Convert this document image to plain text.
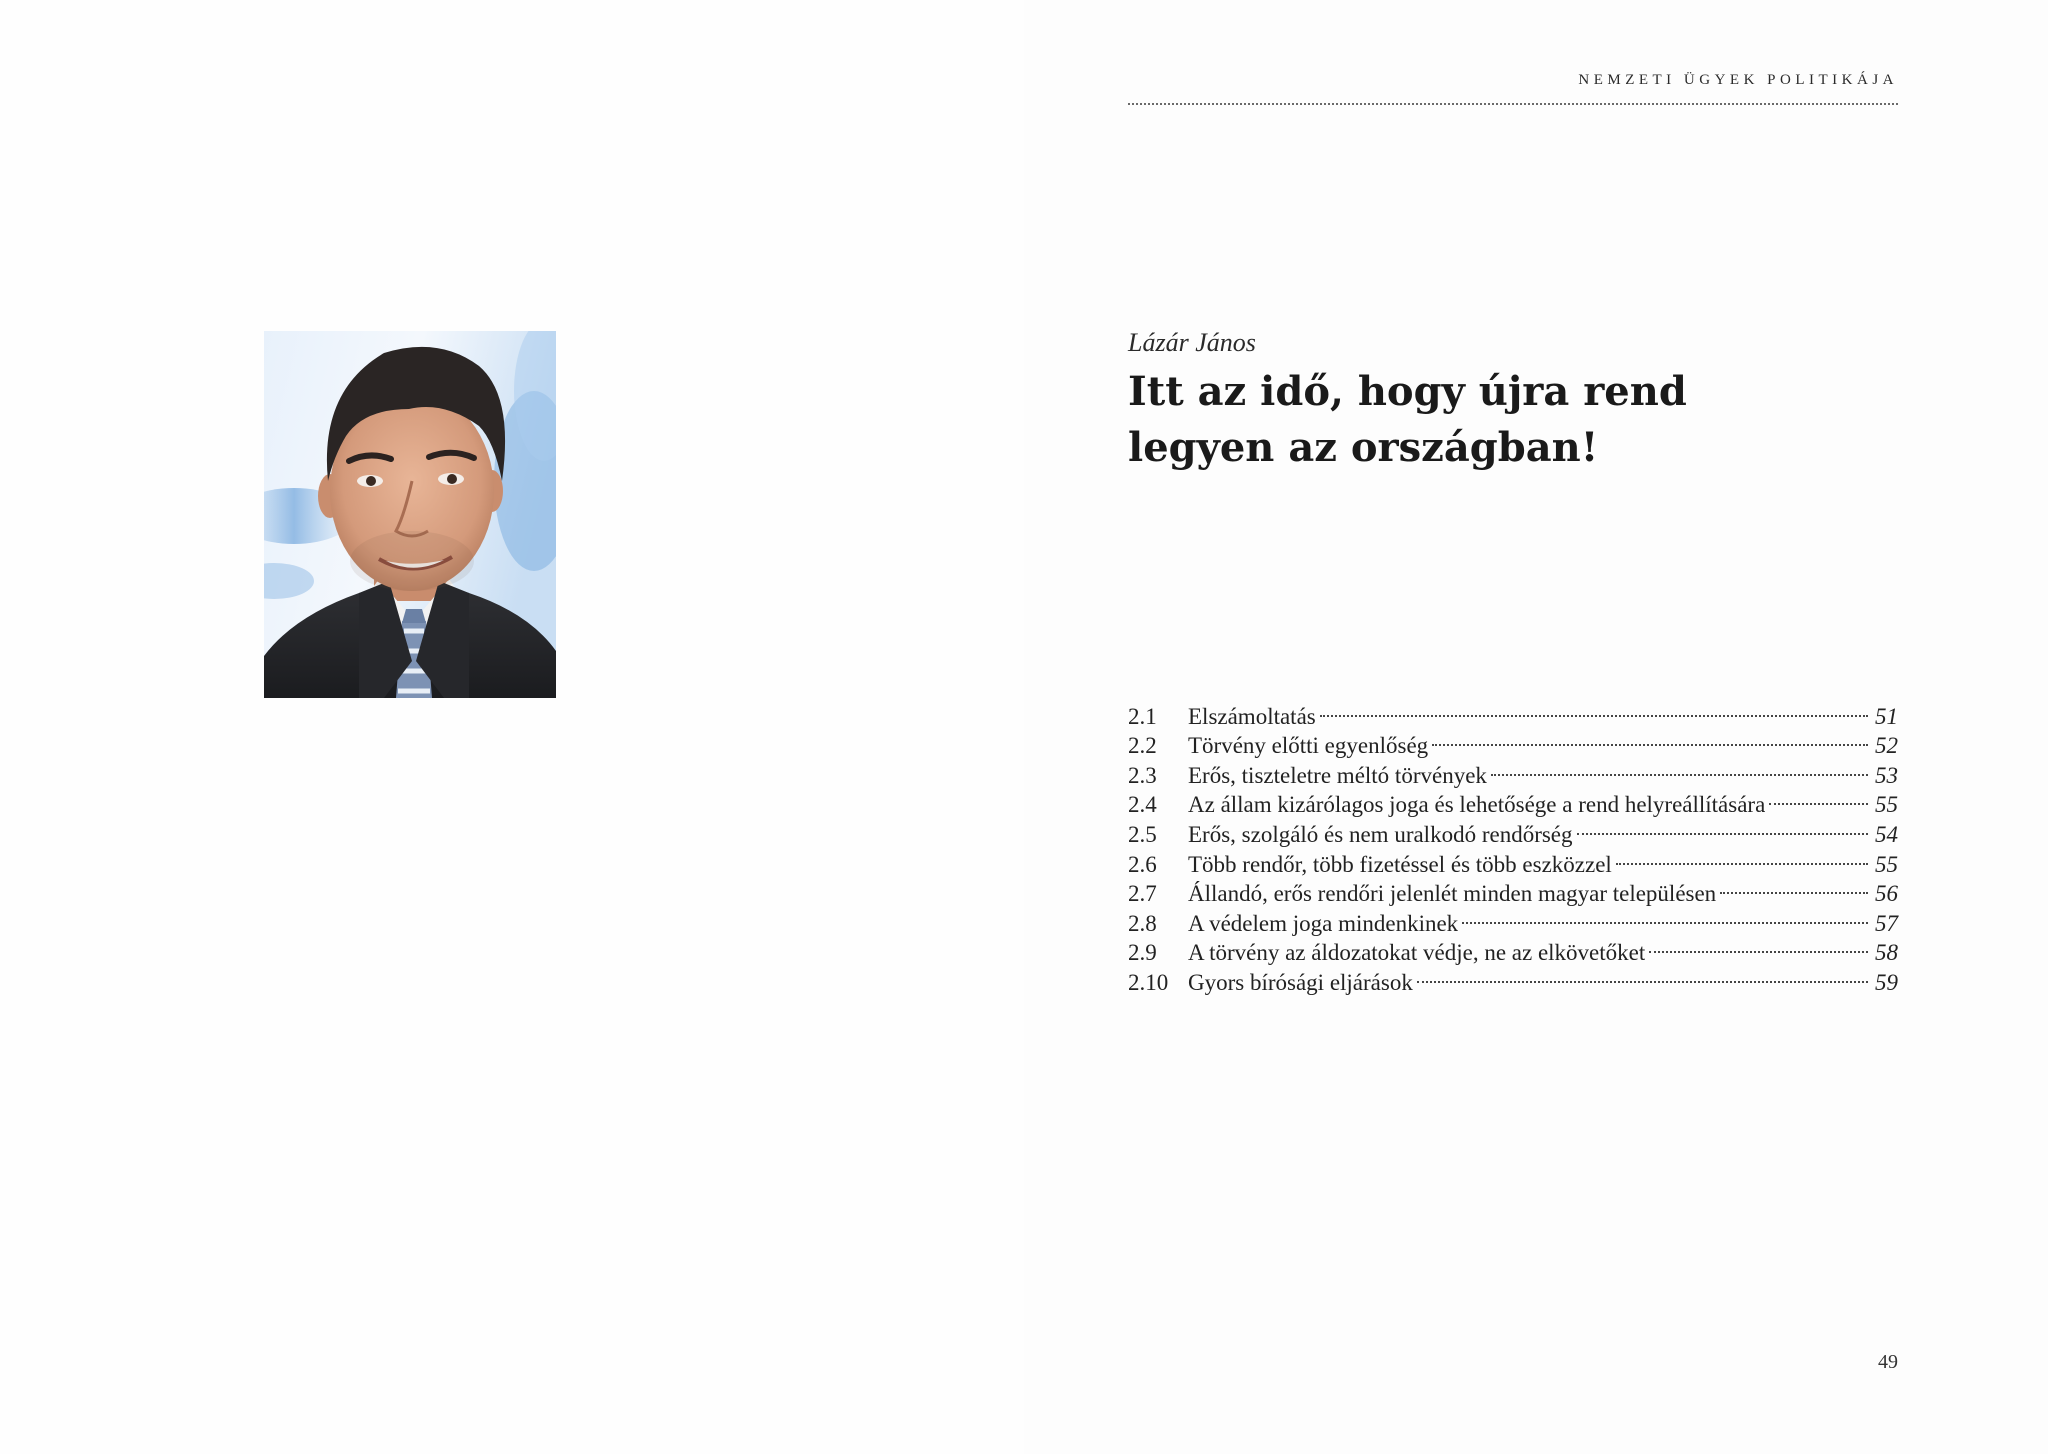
NEMZETI ÜGYEK POLITIKÁJA
Lázár János
Itt az idő, hogy újra rend
legyen az országban!
2.1	Elszámoltatás	51
2.2	Törvény előtti egyenlőség	52
2.3	Erős, tiszteletre méltó törvények	53
2.4	Az állam kizárólagos joga és lehetősége a rend helyreállítására	55
2.5	Erős, szolgáló és nem uralkodó rendőrség	54
2.6	Több rendőr, több fizetéssel és több eszközzel	55
2.7	Állandó, erős rendőri jelenlét minden magyar településen	56
2.8	A védelem joga mindenkinek	57
2.9	A törvény az áldozatokat védje, ne az elkövetőket	58
2.10 Gyors bírósági eljárások	59
49
